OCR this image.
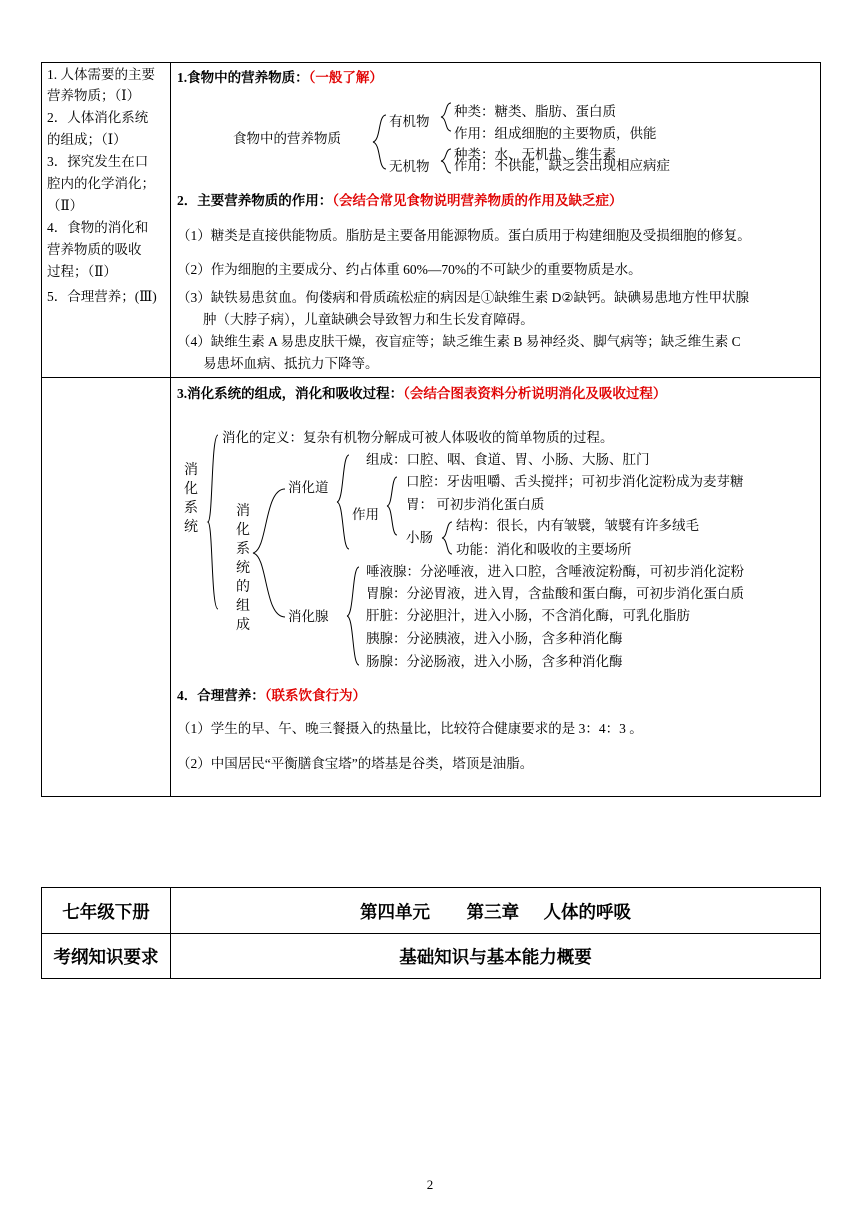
1. 人体需要的主要
营养物质；（Ⅰ）
2．人体消化系统
的组成；（Ⅰ）
3．探究发生在口
腔内的化学消化；
（Ⅱ）
4．食物的消化和
营养物质的吸收
过程；（Ⅱ）
5．合理营养；(Ⅲ)
1.食物中的营养物质：（一般了解）
食物中的营养物质
有机物
种类：糖类、脂肪、蛋白质
作用：组成细胞的主要物质，供能
无机物
种类：水、无机盐、维生素
作用：不供能，缺乏会出现相应病症
2．主要营养物质的作用：（会结合常见食物说明营养物质的作用及缺乏症）
（1）糖类是直接供能物质。脂肪是主要备用能源物质。蛋白质用于构建细胞及受损细胞的修复。
（2）作为细胞的主要成分、约占体重 60%—70%的不可缺少的重要物质是水。
（3）缺铁易患贫血。佝偻病和骨质疏松症的病因是①缺维生素 D②缺钙。缺碘易患地方性甲状腺
肿（大脖子病），儿童缺碘会导致智力和生长发育障碍。
（4）缺维生素 A 易患皮肤干燥，夜盲症等；缺乏维生素 B 易神经炎、脚气病等；缺乏维生素 C
易患坏血病、抵抗力下降等。
3.消化系统的组成，消化和吸收过程：（会结合图表资料分析说明消化及吸收过程）
消
化
系
统
消化的定义：复杂有机物分解成可被人体吸收的简单物质的过程。
消
化
系
统
的
组
成
消化道
组成：口腔、咽、食道、胃、小肠、大肠、肛门
作用
口腔：牙齿咀嚼、舌头搅拌；可初步消化淀粉成为麦芽糖
胃： 可初步消化蛋白质
小肠
结构：很长，内有皱襞，皱襞有许多绒毛
功能：消化和吸收的主要场所
消化腺
唾液腺：分泌唾液，进入口腔，含唾液淀粉酶，可初步消化淀粉
胃腺：分泌胃液，进入胃，含盐酸和蛋白酶，可初步消化蛋白质
肝脏：分泌胆汁，进入小肠，不含消化酶，可乳化脂肪
胰腺：分泌胰液，进入小肠，含多种消化酶
肠腺：分泌肠液，进入小肠，含多种消化酶
4．合理营养：（联系饮食行为）
（1）学生的早、午、晚三餐摄入的热量比，比较符合健康要求的是 3：4：3 。
（2）中国居民“平衡膳食宝塔”的塔基是谷类，塔顶是油脂。
七年级下册	第四单元      第三章    人体的呼吸
考纲知识要求	基础知识与基本能力概要
2
